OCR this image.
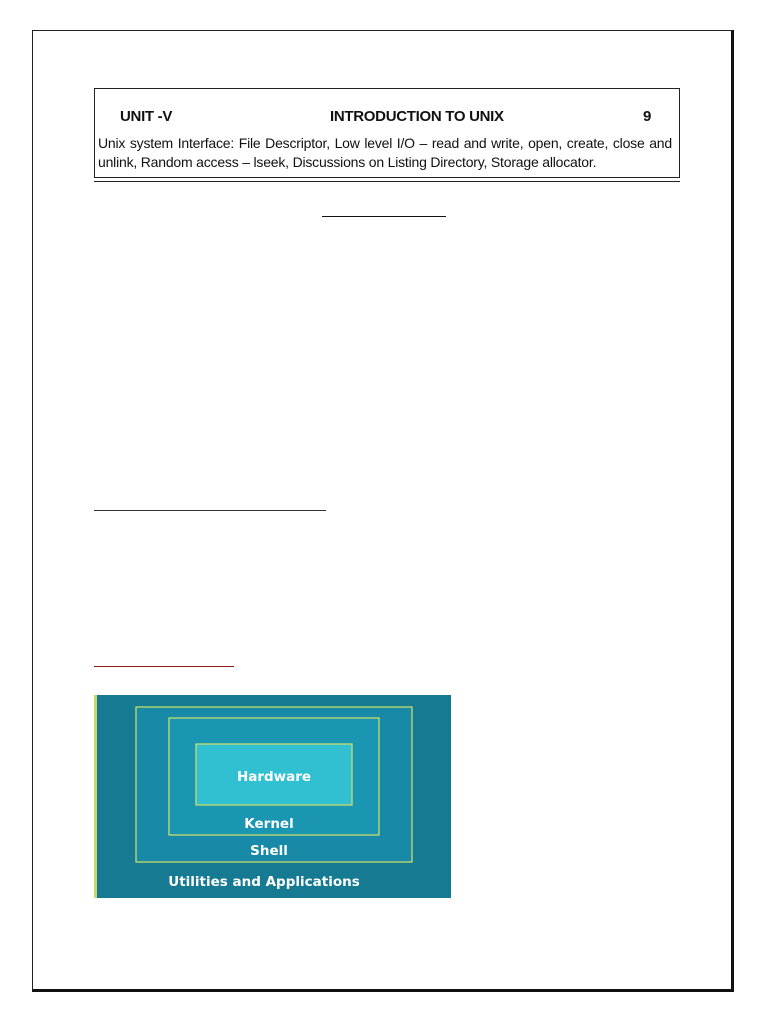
UNIT -V	INTRODUCTION TO UNIX	9
Unix system Interface: File Descriptor, Low level I/O – read and write, open, create, close and unlink, Random access – lseek, Discussions on Listing Directory, Storage allocator.
Hardware
Kernel
Shell
Utilities and Applications
